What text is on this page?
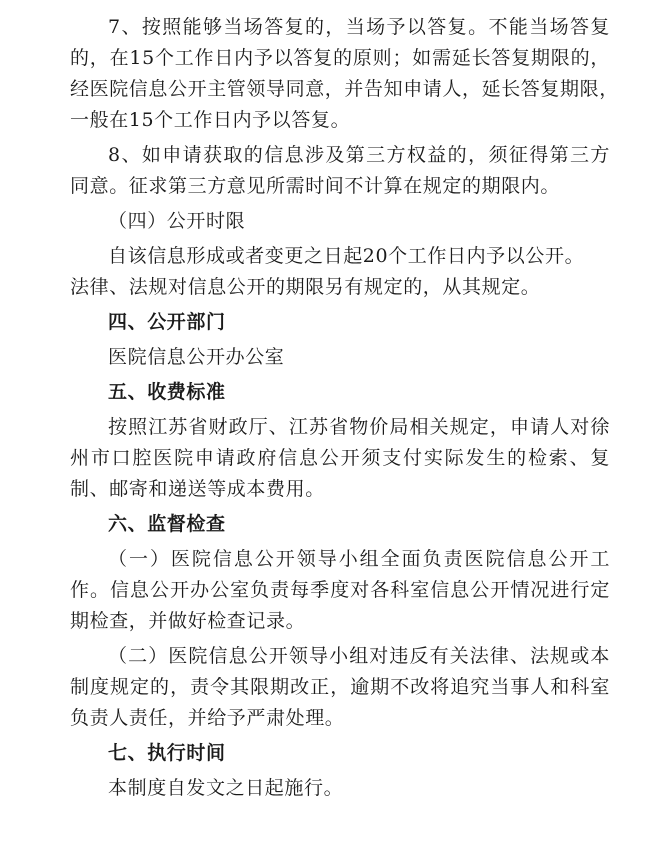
7、按照能够当场答复的，当场予以答复。不能当场答复
的，在15个工作日内予以答复的原则；如需延长答复期限的，
经医院信息公开主管领导同意，并告知申请人，延长答复期限，
一般在15个工作日内予以答复。
8、如申请获取的信息涉及第三方权益的，须征得第三方
同意。征求第三方意见所需时间不计算在规定的期限内。
（四）公开时限
自该信息形成或者变更之日起20个工作日内予以公开。
法律、法规对信息公开的期限另有规定的，从其规定。
四、公开部门
医院信息公开办公室
五、收费标准
按照江苏省财政厅、江苏省物价局相关规定，申请人对徐
州市口腔医院申请政府信息公开须支付实际发生的检索、复
制、邮寄和递送等成本费用。
六、监督检查
（一）医院信息公开领导小组全面负责医院信息公开工
作。信息公开办公室负责每季度对各科室信息公开情况进行定
期检查，并做好检查记录。
（二）医院信息公开领导小组对违反有关法律、法规或本
制度规定的，责令其限期改正，逾期不改将追究当事人和科室
负责人责任，并给予严肃处理。
七、执行时间
本制度自发文之日起施行。
